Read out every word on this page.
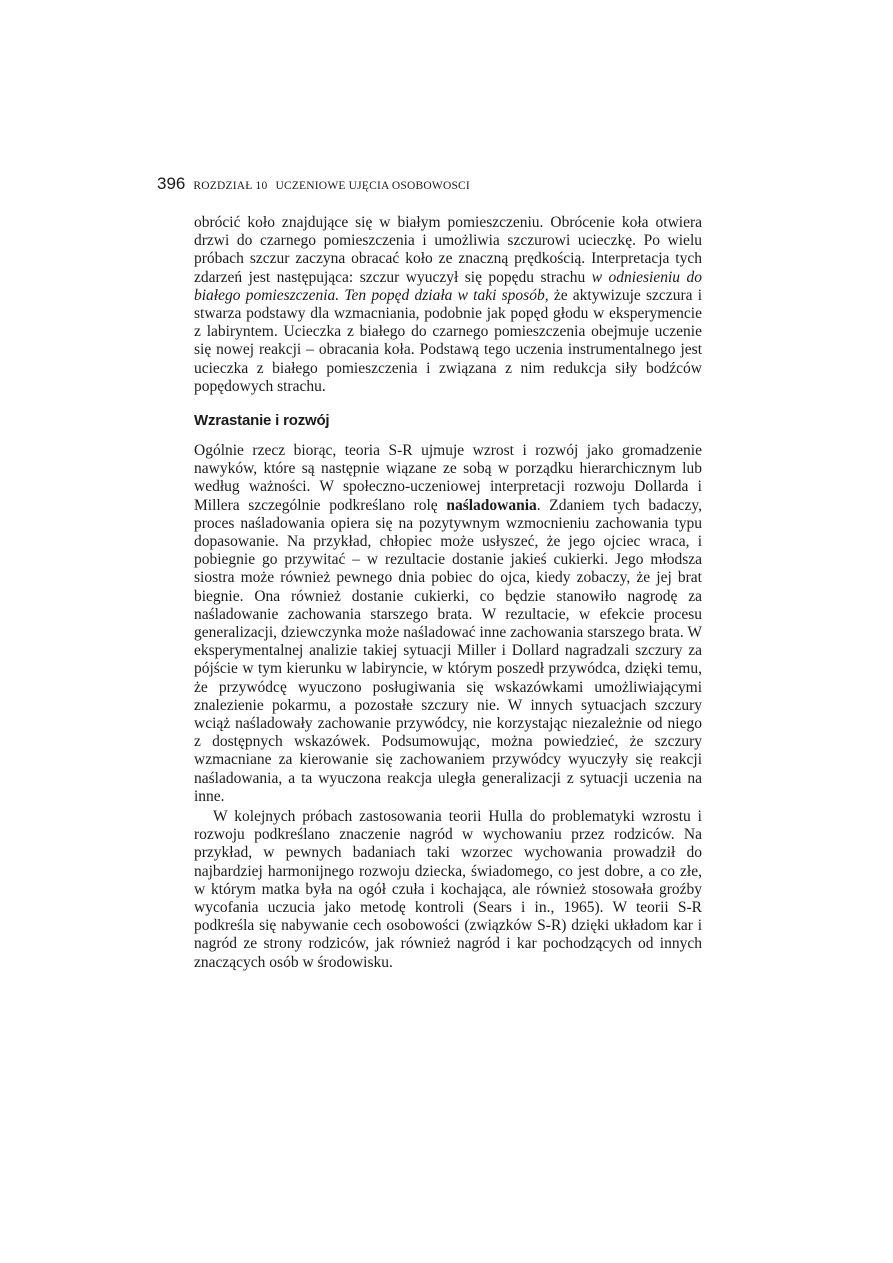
396 ROZDZIAŁ 10 UCZENIOWE UJĘCIA OSOBOWOSCI

obrócić koło znajdujące się w białym pomieszczeniu. Obrócenie koła otwiera drzwi do czarnego pomieszczenia i umożliwia szczurowi ucieczkę. Po wielu próbach szczur zaczyna obracać koło ze znaczną prędkością. Interpretacja tych zdarzeń jest następująca: szczur wyuczył się popędu strachu w odniesieniu do białego pomieszczenia. Ten popęd działa w taki sposób, że aktywizuje szczura i stwarza podstawy dla wzmacniania, podobnie jak popęd głodu w eksperymencie z labiryntem. Ucieczka z białego do czarnego pomieszczenia obejmuje uczenie się nowej reakcji – obracania koła. Podstawą tego uczenia instrumentalnego jest ucieczka z białego pomieszczenia i związana z nim redukcja siły bodźców popędowych strachu.

Wzrastanie i rozwój

Ogólnie rzecz biorąc, teoria S-R ujmuje wzrost i rozwój jako gromadzenie nawyków, które są następnie wiązane ze sobą w porządku hierarchicznym lub według ważności. W społeczno-uczeniowej interpretacji rozwoju Dollarda i Millera szczególnie podkreślano rolę naśladowania. Zdaniem tych badaczy, proces naśladowania opiera się na pozytywnym wzmocnieniu zachowania typu dopasowanie. Na przykład, chłopiec może usłyszeć, że jego ojciec wraca, i pobiegnie go przywitać – w rezultacie dostanie jakieś cukierki. Jego młodsza siostra może również pewnego dnia pobiec do ojca, kiedy zobaczy, że jej brat biegnie. Ona również dostanie cukierki, co będzie stanowiło nagrodę za naśladowanie zachowania starszego brata. W rezultacie, w efekcie procesu generalizacji, dziewczynka może naśladować inne zachowania starszego brata. W eksperymentalnej analizie takiej sytuacji Miller i Dollard nagradzali szczury za pójście w tym kierunku w labiryncie, w którym poszedł przywódca, dzięki temu, że przywódcę wyuczono posługiwania się wskazówkami umożliwiającymi znalezienie pokarmu, a pozostałe szczury nie. W innych sytuacjach szczury wciąż naśladowały zachowanie przywódcy, nie korzystając niezależnie od niego z dostępnych wskazówek. Podsumowując, można powiedzieć, że szczury wzmacniane za kierowanie się zachowaniem przywódcy wyuczyły się reakcji naśladowania, a ta wyuczona reakcja uległa generalizacji z sytuacji uczenia na inne.

W kolejnych próbach zastosowania teorii Hulla do problematyki wzrostu i rozwoju podkreślano znaczenie nagród w wychowaniu przez rodziców. Na przykład, w pewnych badaniach taki wzorzec wychowania prowadził do najbardziej harmonijnego rozwoju dziecka, świadomego, co jest dobre, a co złe, w którym matka była na ogół czuła i kochająca, ale również stosowała groźby wycofania uczucia jako metodę kontroli (Sears i in., 1965). W teorii S-R podkreśla się nabywanie cech osobowości (związków S-R) dzięki układom kar i nagród ze strony rodziców, jak również nagród i kar pochodzących od innych znaczących osób w środowisku.
